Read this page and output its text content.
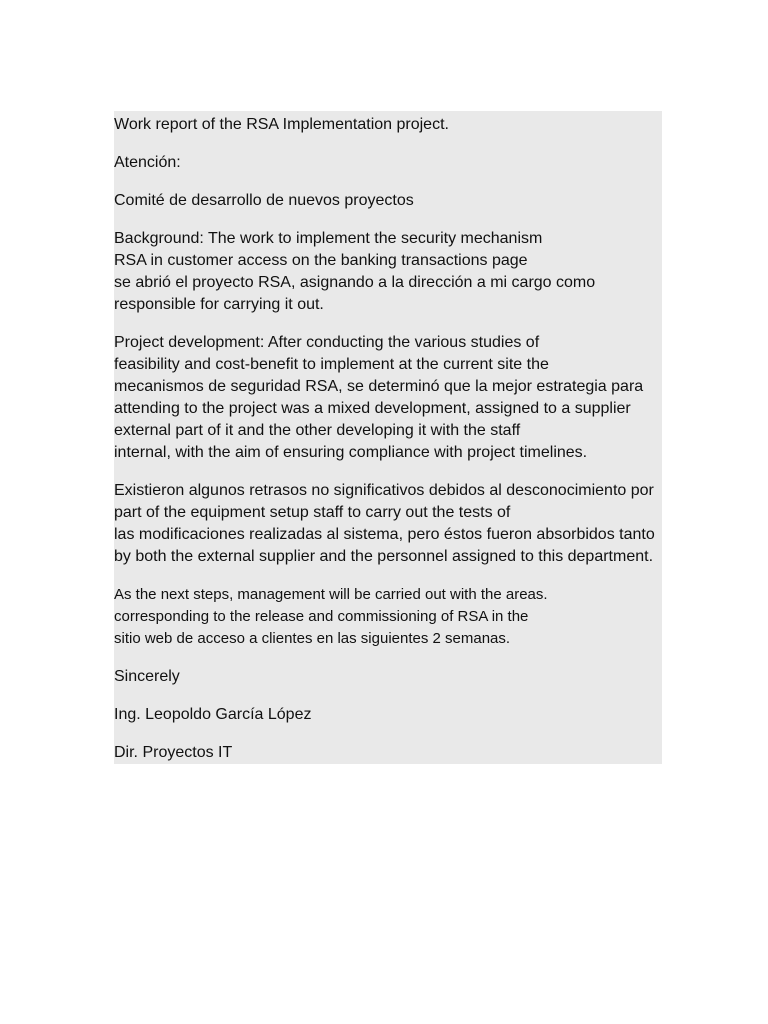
Work report of the RSA Implementation project.

Atención:

Comité de desarrollo de nuevos proyectos

Background: The work to implement the security mechanism
RSA in customer access on the banking transactions page
se abrió el proyecto RSA, asignando a la dirección a mi cargo como
responsible for carrying it out.

Project development: After conducting the various studies of
feasibility and cost-benefit to implement at the current site the
mecanismos de seguridad RSA, se determinó que la mejor estrategia para
attending to the project was a mixed development, assigned to a supplier
external part of it and the other developing it with the staff
internal, with the aim of ensuring compliance with project timelines.

Existieron algunos retrasos no significativos debidos al desconocimiento por
part of the equipment setup staff to carry out the tests of
las modificaciones realizadas al sistema, pero éstos fueron absorbidos tanto
by both the external supplier and the personnel assigned to this department.

As the next steps, management will be carried out with the areas.
corresponding to the release and commissioning of RSA in the
sitio web de acceso a clientes en las siguientes 2 semanas.

Sincerely

Ing. Leopoldo García López

Dir. Proyectos IT
